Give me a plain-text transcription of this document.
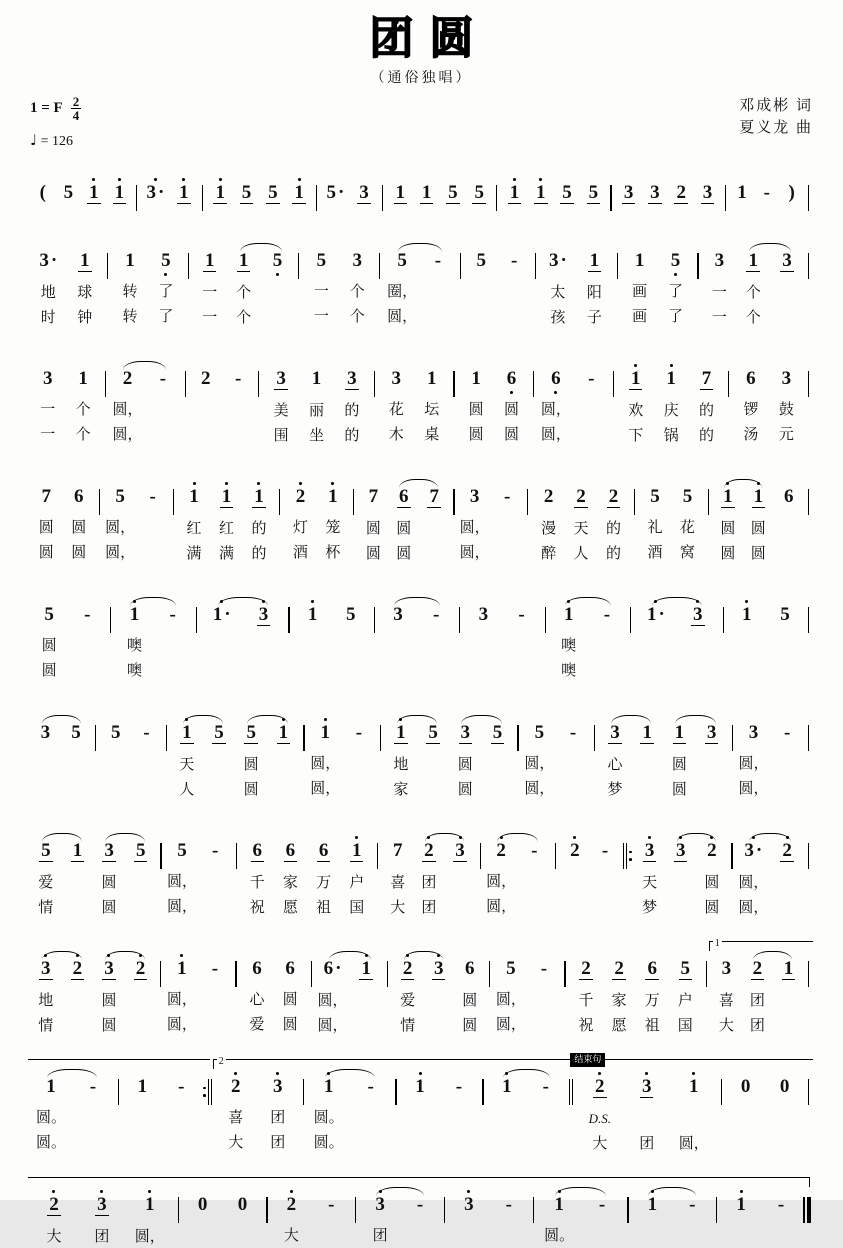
团圆
（通俗独唱）
1 = F $\frac{2}{4}$
♩ = 126
邓成彬 词
夏义龙 曲
( 5 1 1 3 · 1 1 5 5 1 5 · 3 1 1 5 5 1 1 5 5 3 3 2 3 1 - )
3 · 1
地	球
时	钟
1 5
转	了
转	了
1 1 5
一	个
一	个
5 3
一	个
一	个
5 -
圈，
圆，
5 - 3 · 1
太	阳
孩	子
1 5
画	了
画	了
3 1 3
一	个
一	个
3 1
一	个
一	个
2 -
圆，
圆，
2 - 3 1 3
美	丽	的
围	坐	的
3 1
花	坛
木	桌
1 6
圆	圆
圆	圆
6 -
圆，
圆，
1 1 7
欢	庆	的
下	锅	的
6 3
锣	鼓
汤	元
7 6
圆	圆
圆	圆
5 -
圆，
圆，
1 1 1
红	红	的
满	满	的
2 1
灯	笼
酒	杯
7 6 7
圆	圆
圆	圆
3 -
圆，
圆，
2 2 2
漫	天	的
醉	人	的
5 5
礼	花
酒	窝
1 1 6
圆	圆
圆	圆
5 -
圆
圆
1 -
噢
噢
1 · 3 1 5 3 - 3 - 1 -
噢
噢
1 · 3 1 5
3 5 5 - 1 5 5 1
天	圆
人	圆
1 -
圆，
圆，
1 5 3 5
地	圆
家	圆
5 -
圆，
圆，
3 1 1 3
心	圆
梦	圆
3 -
圆，
圆，
5 1 3 5
爱	圆
情	圆
5 -
圆，
圆，
6 6 6 1
千	家	万	户
祝	愿	祖	国
7 2 3
喜	团
大	团
2 -
圆，
圆，
2 - 3 3 2
天	圆
梦	圆
3 · 2
圆，
圆，
3 2 3 2
地	圆
情	圆
1 -
圆，
圆，
6 6
心	圆
爱	圆
6 · 1
圆，
圆，
2 3 6
爱	圆
情	圆
5 -
圆，
圆，
2 2 6 5
千	家	万	户
祝	愿	祖	国
1
3 2 1
喜	团
大	团
1 -
圆。
圆。
1 -
2
2 3
喜	团
大	团
1 -
圆。
圆。
1 - 1 -
结束句
2 3 1
D.S.
大	团	圆，
0 0
2 3 1
大	团	圆，
0 0 2 -
大
3 -
团
3 - 1 -
圆。
1 - 1 -
